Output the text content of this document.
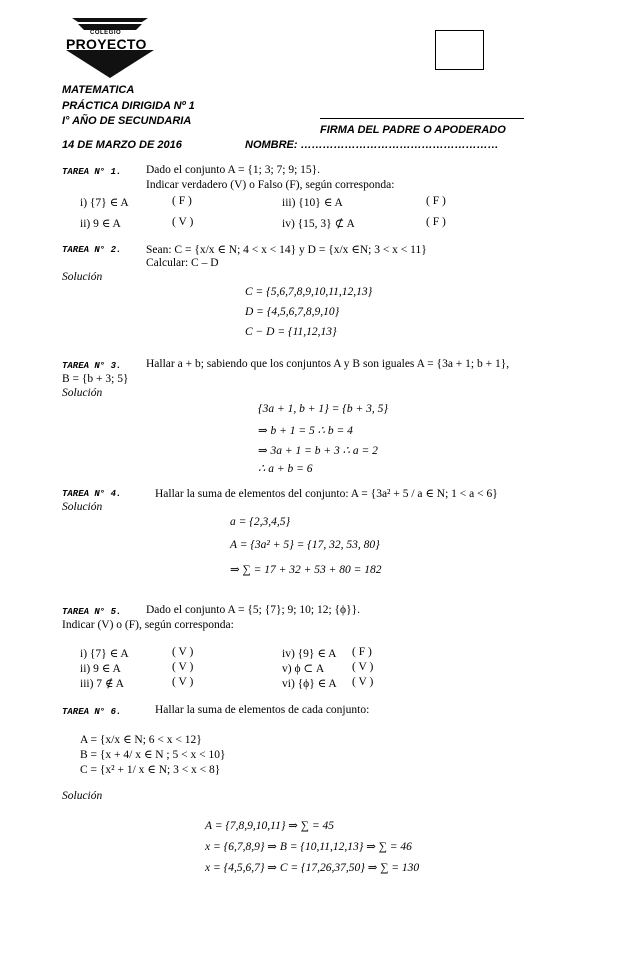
COLEGIO
PROYECTO
MATEMATICA
PRÁCTICA DIRIGIDA Nº 1
I° AÑO DE SECUNDARIA
FIRMA DEL PADRE O APODERADO
14 DE MARZO DE 2016	NOMBRE: ………………………………………………
TAREA N° 1. Dado el conjunto A = {1; 3; 7; 9; 15}.
Indicar verdadero (V) o Falso (F), según corresponda:
i) {7} ∈ A	( F )	iii) {10} ∈ A	( F )
ii) 9 ∈ A	( V )	iv) {15, 3} ⊄ A	( F )
TAREA N° 2. Sean: C = {x/x ∈ N; 4 < x < 14} y D = {x/x ∈N; 3 < x < 11}
Calcular: C – D
Solución
C = {5,6,7,8,9,10,11,12,13}
D = {4,5,6,7,8,9,10}
C − D = {11,12,13}
TAREA N° 3. Hallar a + b; sabiendo que los conjuntos A y B son iguales A = {3a + 1; b + 1},
B = {b + 3; 5}
Solución
{3a + 1, b + 1} = {b + 3, 5}
⇒ b + 1 = 5 ∴ b = 4
⇒ 3a + 1 = b + 3 ∴ a = 2
∴ a + b = 6
TAREA N° 4.	Hallar la suma de elementos del conjunto: A = {3a² + 5 / a ∈ N; 1 < a < 6}
Solución
a = {2,3,4,5}
A = {3a² + 5} = {17, 32, 53, 80}
⇒ ∑ = 17 + 32 + 53 + 80 = 182
TAREA N° 5. Dado el conjunto A = {5; {7}; 9; 10; 12; {ϕ}}.
Indicar (V) o (F), según corresponda:
i) {7} ∈ A	( V )	iv) {9} ∈ A ( F )
ii) 9 ∈ A	( V )	v) ϕ ⊂ A ( V )
iii) 7 ∉ A	( V )	vi) {ϕ} ∈ A ( V )
TAREA N° 6.	Hallar la suma de elementos de cada conjunto:
A = {x/x ∈ N; 6 < x < 12}
B = {x + 4/ x ∈ N ; 5 < x < 10}
C = {x² + 1/ x ∈ N; 3 < x < 8}
Solución
A = {7,8,9,10,11} ⇒ ∑ = 45
x = {6,7,8,9} ⇒ B = {10,11,12,13} ⇒ ∑ = 46
x = {4,5,6,7} ⇒ C = {17,26,37,50} ⇒ ∑ = 130
